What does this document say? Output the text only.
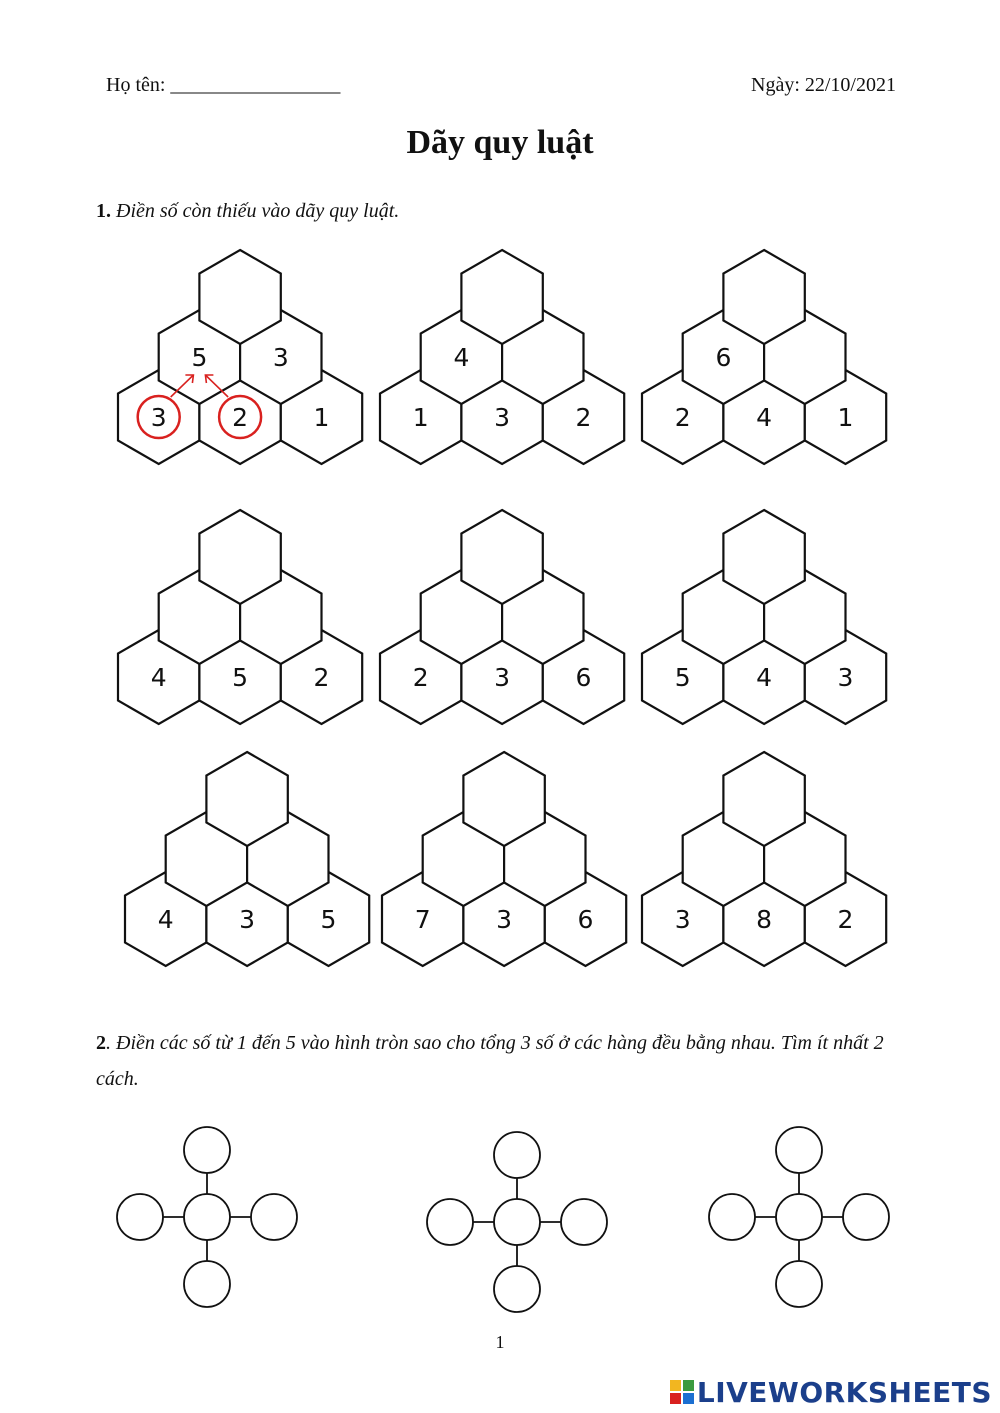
Họ tên: _________________	Ngày: 22/10/2021
Dãy quy luật
1. Điền số còn thiếu vào dãy quy luật.
3	2	1
5	3
1	3	2
4
2	4	1
6
4	5	2	2	3	6	5	4	3
4	3	5	7	3	6	3	8	2
2. Điền các số từ 1 đến 5 vào hình tròn sao cho tổng 3 số ở các hàng đều bằng nhau. Tìm ít nhất 2 cách.
1
LIVEWORKSHEETS
